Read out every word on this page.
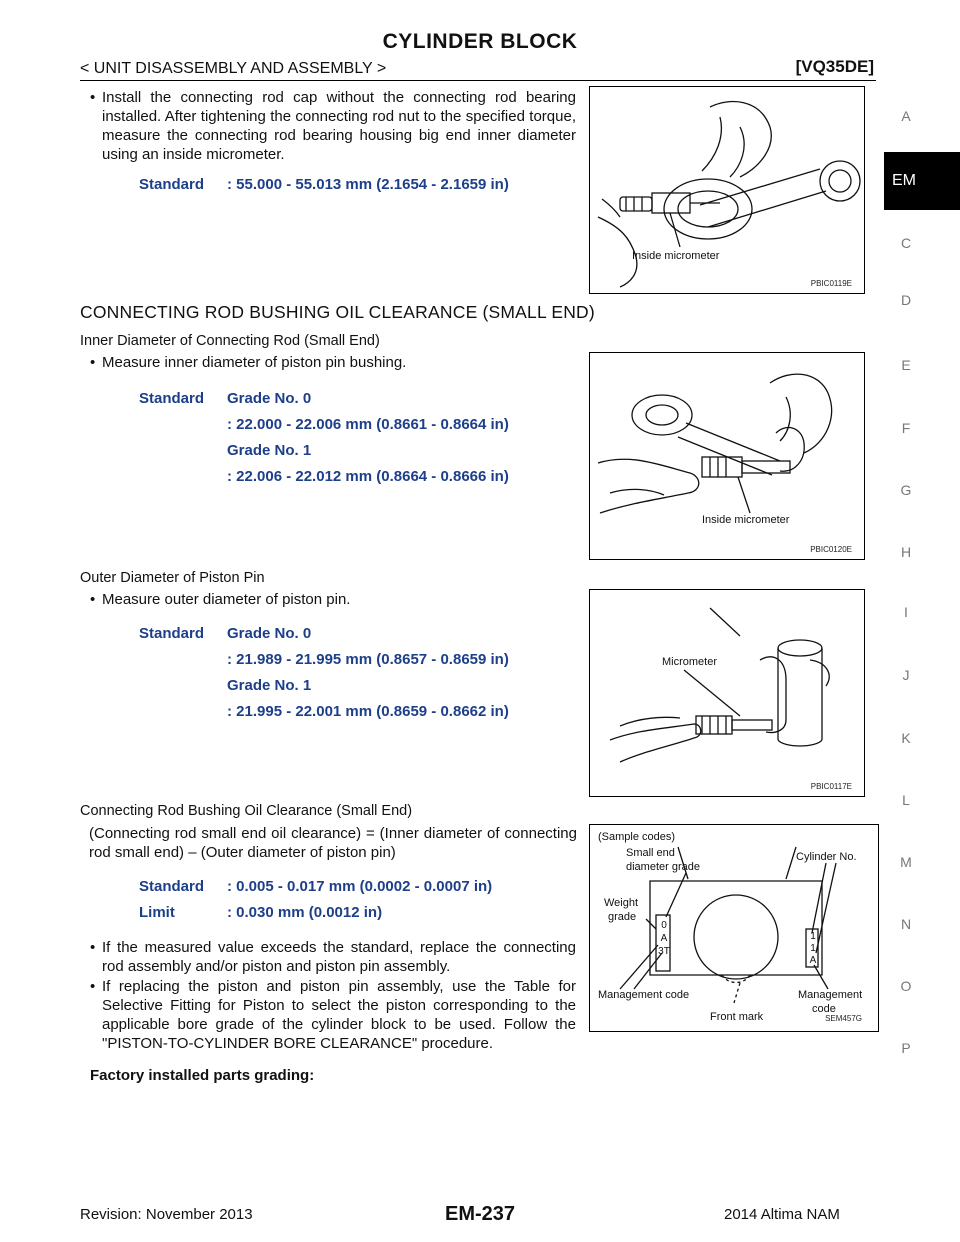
CYLINDER BLOCK
< UNIT DISASSEMBLY AND ASSEMBLY >	[VQ35DE]
A
EM
C
D
E
F
G
H
I
J
K
L
M
N
O
P
• Install the connecting rod cap without the connecting rod bearing installed. After tightening the connecting rod nut to the specified torque, measure the connecting rod bearing housing big end inner diameter using an inside micrometer.
Standard : 55.000 - 55.013 mm (2.1654 - 2.1659 in)
Inside micrometer
PBIC0119E
CONNECTING ROD BUSHING OIL CLEARANCE (SMALL END)
Inner Diameter of Connecting Rod (Small End)
• Measure inner diameter of piston pin bushing.
Standard Grade No. 0
: 22.000 - 22.006 mm (0.8661 - 0.8664 in)
Grade No. 1
: 22.006 - 22.012 mm (0.8664 - 0.8666 in)
Inside micrometer
PBIC0120E
Outer Diameter of Piston Pin
• Measure outer diameter of piston pin.
Standard Grade No. 0
: 21.989 - 21.995 mm (0.8657 - 0.8659 in)
Grade No. 1
: 21.995 - 22.001 mm (0.8659 - 0.8662 in)
Micrometer
PBIC0117E
Connecting Rod Bushing Oil Clearance (Small End)
(Connecting rod small end oil clearance) = (Inner diameter of connecting rod small end) – (Outer diameter of piston pin)
Standard : 0.005 - 0.017 mm (0.0002 - 0.0007 in)
Limit	: 0.030 mm (0.0012 in)
• If the measured value exceeds the standard, replace the connecting rod assembly and/or piston and piston pin assembly.
• If replacing the piston and piston pin assembly, use the Table for Selective Fitting for Piston to select the piston corresponding to the applicable bore grade of the cylinder block to be used. Follow the "PISTON-TO-CYLINDER BORE CLEARANCE" procedure.
(Sample codes)
Small end
diameter grade
Cylinder No.
Weight
grade
0A3T
11A
Management code	Management
code
Front mark	SEM457G
Factory installed parts grading:
Revision: November 2013	EM-237	2014 Altima NAM
